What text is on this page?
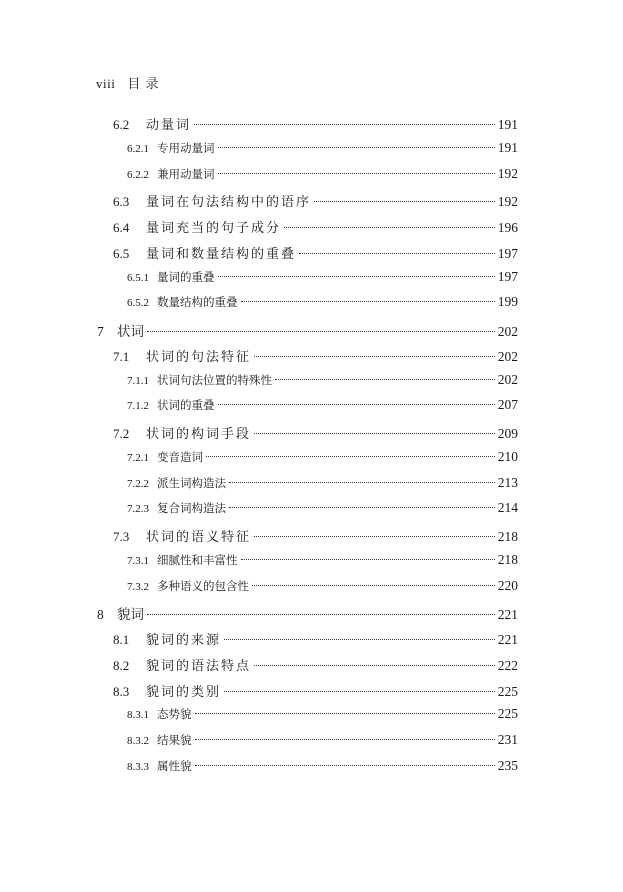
viii 目 录
6.2	动量词	191
6.2.1 专用动量词	191
6.2.2 兼用动量词	192
6.3	量词在句法结构中的语序	192
6.4	量词充当的句子成分	196
6.5	量词和数量结构的重叠	197
6.5.1 量词的重叠	197
6.5.2 数量结构的重叠	199
7 状词	202
7.1	状词的句法特征	202
7.1.1 状词句法位置的特殊性	202
7.1.2 状词的重叠	207
7.2	状词的构词手段	209
7.2.1 变音造词	210
7.2.2 派生词构造法	213
7.2.3 复合词构造法	214
7.3	状词的语义特征	218
7.3.1 细腻性和丰富性	218
7.3.2 多种语义的包含性	220
8 貌词	221
8.1	貌词的来源	221
8.2	貌词的语法特点	222
8.3	貌词的类别	225
8.3.1 态势貌	225
8.3.2 结果貌	231
8.3.3 属性貌	235
